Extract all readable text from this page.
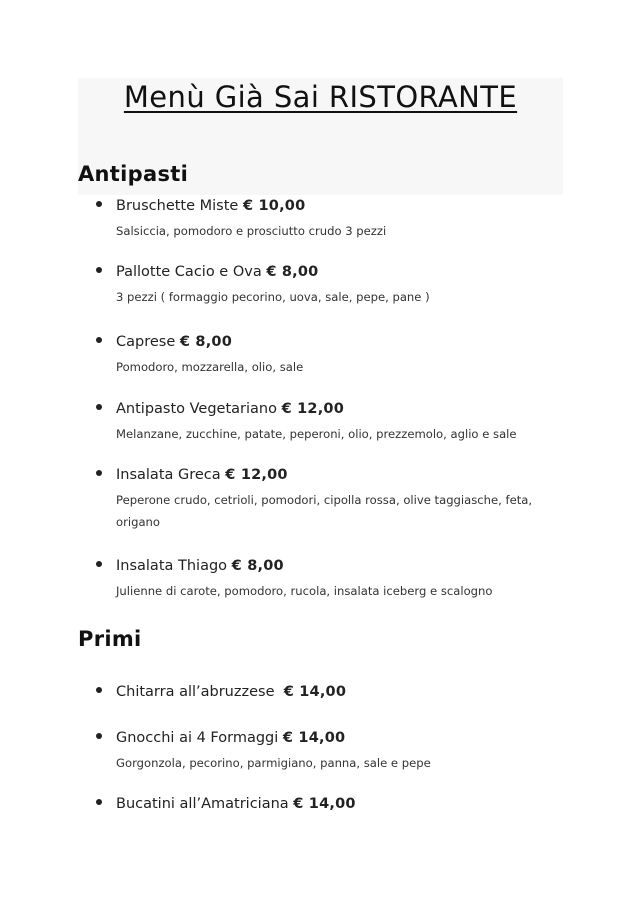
Menù Già Sai RISTORANTE
Antipasti
Bruschette Miste € 10,00
Salsiccia, pomodoro e prosciutto crudo 3 pezzi
Pallotte Cacio e Ova € 8,00
3 pezzi ( formaggio pecorino, uova, sale, pepe, pane )
Caprese € 8,00
Pomodoro, mozzarella, olio, sale
Antipasto Vegetariano € 12,00
Melanzane, zucchine, patate, peperoni, olio, prezzemolo, aglio e sale
Insalata Greca € 12,00
Peperone crudo, cetrioli, pomodori, cipolla rossa, olive taggiasche, feta, origano
Insalata Thiago € 8,00
Julienne di carote, pomodoro, rucola, insalata iceberg e scalogno
Primi
Chitarra all’abruzzese  € 14,00
Gnocchi ai 4 Formaggi € 14,00
Gorgonzola, pecorino, parmigiano, panna, sale e pepe
Bucatini all’Amatriciana € 14,00
